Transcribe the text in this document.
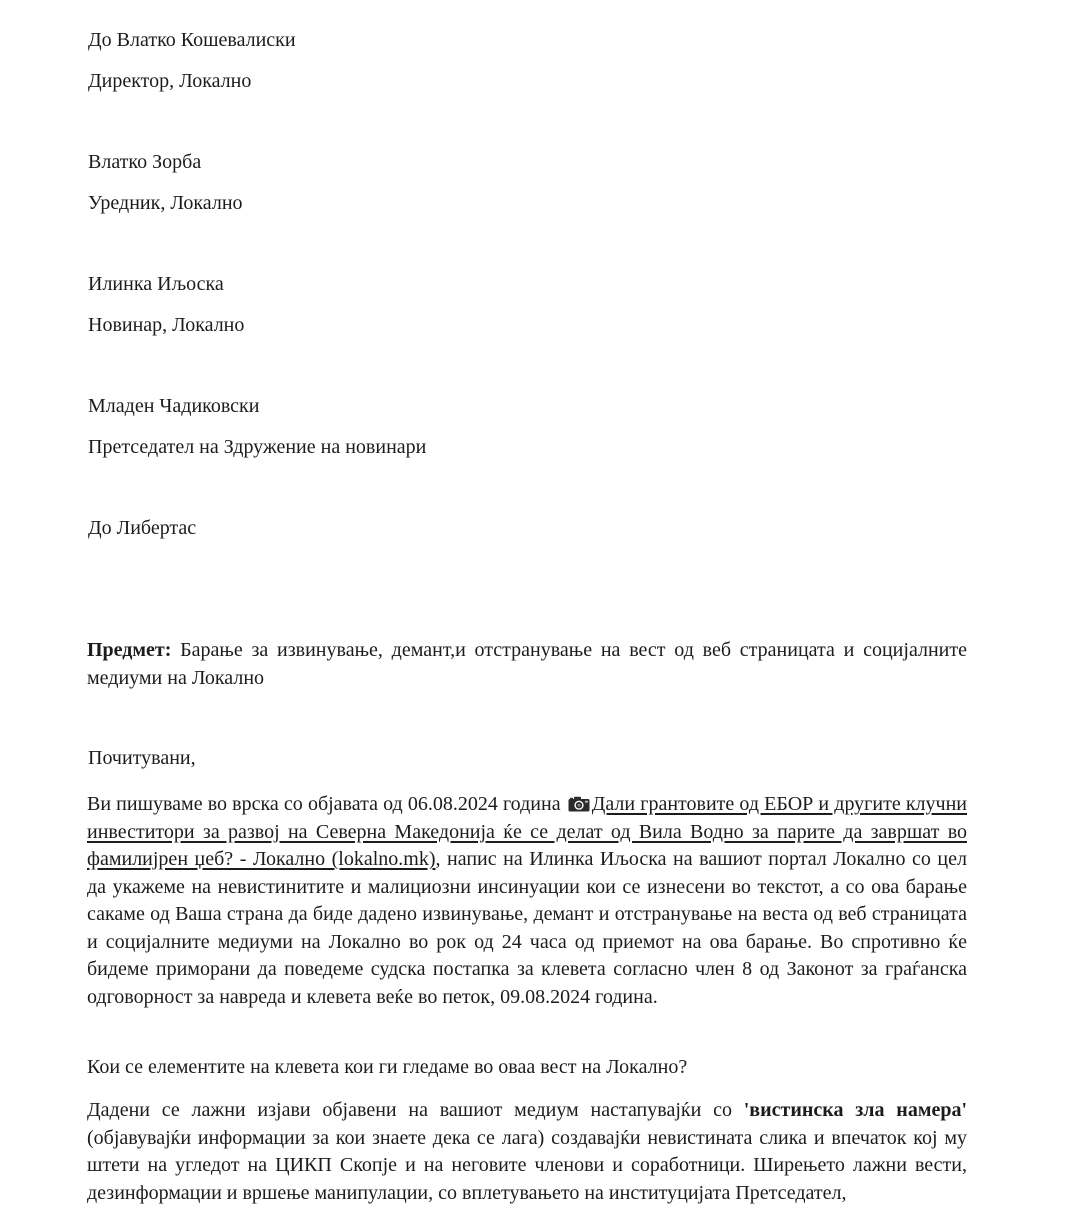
До Влатко Кошевалиски
Директор, Локално
Влатко Зорба
Уредник, Локално
Илинка Иљоска
Новинар, Локално
Младен Чадиковски
Претседател на Здружение на новинари
До Либертас
Предмет: Барање за извинување, демант,и отстранување на вест од веб страницата и социјалните медиуми на Локално
Почитувани,
Ви пишуваме во врска со објавата од 06.08.2024 година Дали грантовите од ЕБОР и другите клучни инвеститори за развој на Северна Македонија ќе се делат од Вила Водно за парите да завршат во фамилијрен џеб? - Локално (lokalno.mk), напис на Илинка Иљоска на вашиот портал Локално со цел да укажеме на невистинитите и малициозни инсинуации кои се изнесени во текстот, а со ова барање сакаме од Ваша страна да биде дадено извинување, демант и отстранување на веста од веб страницата и социјалните медиуми на Локално во рок од 24 часа од приемот на ова барање. Во спротивно ќе бидеме приморани да поведеме судска постапка за клевета согласно член 8 од Законот за граѓанска одговорност за навреда и клевета веќе во петок, 09.08.2024 година.
Кои се елементите на клевета кои ги гледаме во оваа вест на Локално?
Дадени се лажни изјави објавени на вашиот медиум настапувајќи со 'вистинска зла намера' (објавувајќи информации за кои знаете дека се лага) создавајќи невистината слика и впечаток кој му штети на угледот на ЦИКП Скопје и на неговите членови и соработници. Ширењето лажни вести, дезинформации и вршење манипулации, со вплетувањето на институцијата Претседател,
